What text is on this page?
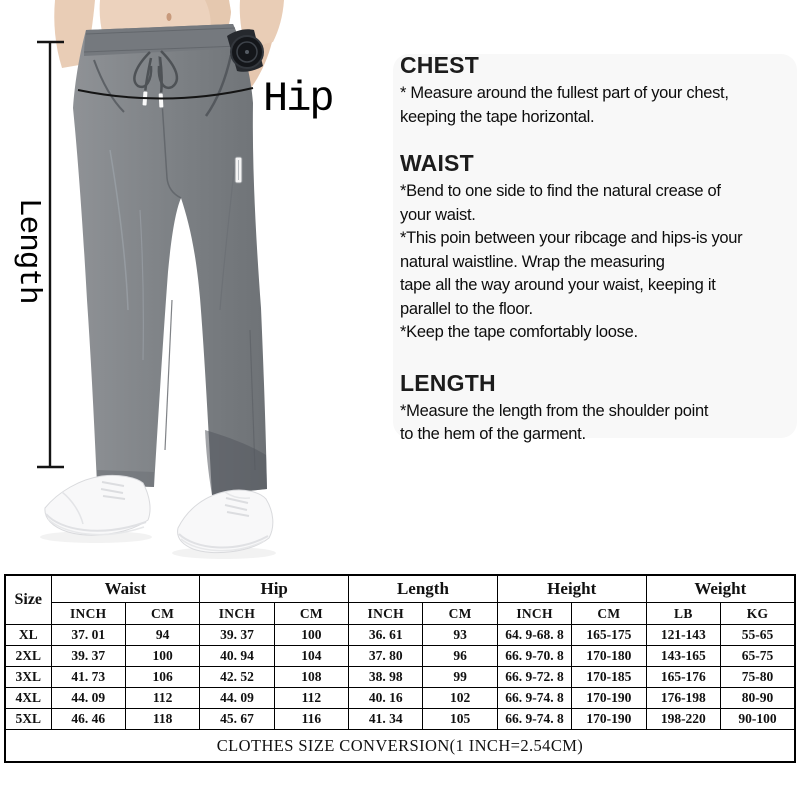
Hip
Length
CHEST
* Measure around the fullest part of your chest,
keeping the tape horizontal.
WAIST
*Bend to one side to find the natural crease of
your waist.
*This poin between your ribcage and hips-is your
natural waistline. Wrap the measuring
tape all the way around your waist, keeping it
parallel to the floor.
*Keep the tape comfortably loose.
LENGTH
*Measure the length from the shoulder point
to the hem of the garment.
Size	Waist		Hip		Length		Height		Weight	
	INCH	CM	INCH	CM	INCH	CM	INCH	CM	LB	KG
XL	37. 01	94	39. 37	100	36. 61	93	64. 9-68. 8	165-175	121-143	55-65
2XL	39. 37	100	40. 94	104	37. 80	96	66. 9-70. 8	170-180	143-165	65-75
3XL	41. 73	106	42. 52	108	38. 98	99	66. 9-72. 8	170-185	165-176	75-80
4XL	44. 09	112	44. 09	112	40. 16	102	66. 9-74. 8	170-190	176-198	80-90
5XL	46. 46	118	45. 67	116	41. 34	105	66. 9-74. 8	170-190	198-220	90-100
CLOTHES SIZE CONVERSION(1 INCH=2.54CM)										
